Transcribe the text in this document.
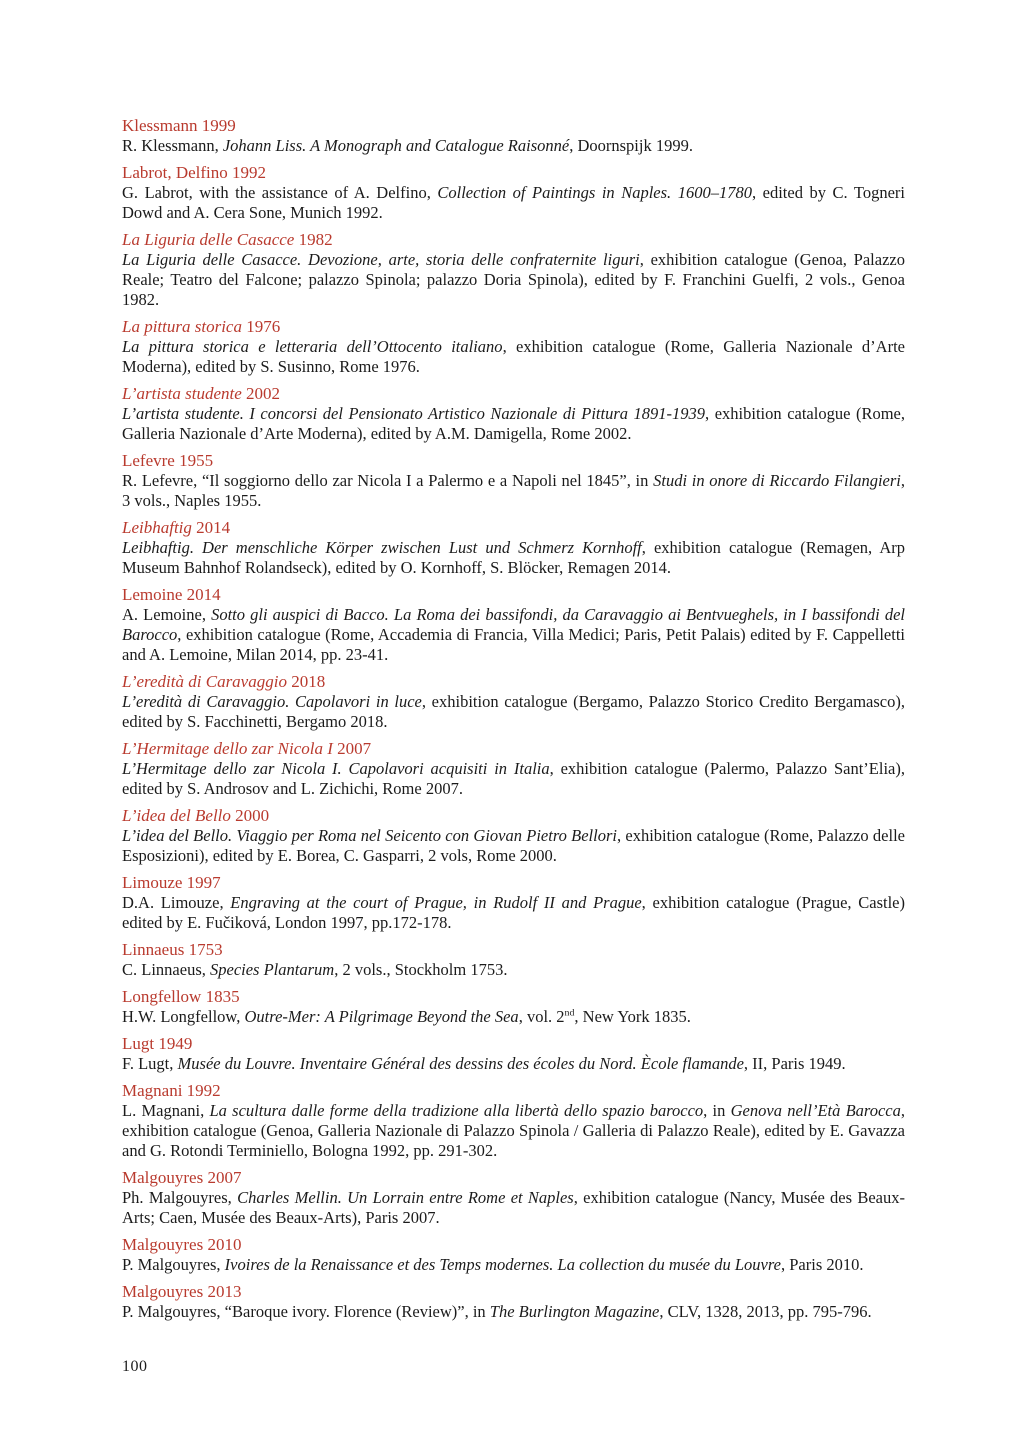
Klessmann 1999

R. Klessmann, Johann Liss. A Monograph and Catalogue Raisonné, Doornspijk 1999.

Labrot, Delfino 1992

G. Labrot, with the assistance of A. Delfino, Collection of Paintings in Naples. 1600–1780, edited by C. Togneri Dowd and A. Cera Sone, Munich 1992.

La Liguria delle Casacce 1982

La Liguria delle Casacce. Devozione, arte, storia delle confraternite liguri, exhibition catalogue (Genoa, Palazzo Reale; Teatro del Falcone; palazzo Spinola; palazzo Doria Spinola), edited by F. Franchini Guelfi, 2 vols., Genoa 1982.

La pittura storica 1976

La pittura storica e letteraria dell’Ottocento italiano, exhibition catalogue (Rome, Galleria Nazionale d’Arte Moderna), edited by S. Susinno, Rome 1976.

L’artista studente 2002

L’artista studente. I concorsi del Pensionato Artistico Nazionale di Pittura 1891-1939, exhibition catalogue (Rome, Galleria Nazionale d’Arte Moderna), edited by A.M. Damigella, Rome 2002.

Lefevre 1955

R. Lefevre, “Il soggiorno dello zar Nicola I a Palermo e a Napoli nel 1845”, in Studi in onore di Riccardo Filangieri, 3 vols., Naples 1955.

Leibhaftig 2014

Leibhaftig. Der menschliche Körper zwischen Lust und Schmerz Kornhoff, exhibition catalogue (Remagen, Arp Museum Bahnhof Rolandseck), edited by O. Kornhoff, S. Blöcker, Remagen 2014.

Lemoine 2014

A. Lemoine, Sotto gli auspici di Bacco. La Roma dei bassifondi, da Caravaggio ai Bentvueghels, in I bassifondi del Barocco, exhibition catalogue (Rome, Accademia di Francia, Villa Medici; Paris, Petit Palais) edited by F. Cappelletti and A. Lemoine, Milan 2014, pp. 23-41.

L’eredità di Caravaggio 2018

L’eredità di Caravaggio. Capolavori in luce, exhibition catalogue (Bergamo, Palazzo Storico Credito Bergamasco), edited by S. Facchinetti, Bergamo 2018.

L’Hermitage dello zar Nicola I 2007

L’Hermitage dello zar Nicola I. Capolavori acquisiti in Italia, exhibition catalogue (Palermo, Palazzo Sant’Elia), edited by S. Androsov and L. Zichichi, Rome 2007.

L’idea del Bello 2000

L’idea del Bello. Viaggio per Roma nel Seicento con Giovan Pietro Bellori, exhibition catalogue (Rome, Palazzo delle Esposizioni), edited by E. Borea, C. Gasparri, 2 vols, Rome 2000.

Limouze 1997

D.A. Limouze, Engraving at the court of Prague, in Rudolf II and Prague, exhibition catalogue (Prague, Castle) edited by E. Fučiková, London 1997, pp.172-178.

Linnaeus 1753

C. Linnaeus, Species Plantarum, 2 vols., Stockholm 1753.

Longfellow 1835

H.W. Longfellow, Outre-Mer: A Pilgrimage Beyond the Sea, vol. 2nd, New York 1835.

Lugt 1949

F. Lugt, Musée du Louvre. Inventaire Général des dessins des écoles du Nord. Ècole flamande, II, Paris 1949.

Magnani 1992

L. Magnani, La scultura dalle forme della tradizione alla libertà dello spazio barocco, in Genova nell’Età Barocca, exhibition catalogue (Genoa, Galleria Nazionale di Palazzo Spinola / Galleria di Palazzo Reale), edited by E. Gavazza and G. Rotondi Terminiello, Bologna 1992, pp. 291-302.

Malgouyres 2007

Ph. Malgouyres, Charles Mellin. Un Lorrain entre Rome et Naples, exhibition catalogue (Nancy, Musée des Beaux-Arts; Caen, Musée des Beaux-Arts), Paris 2007.

Malgouyres 2010

P. Malgouyres, Ivoires de la Renaissance et des Temps modernes. La collection du musée du Louvre, Paris 2010.

Malgouyres 2013

P. Malgouyres, “Baroque ivory. Florence (Review)”, in The Burlington Magazine, CLV, 1328, 2013, pp. 795-796.

100
